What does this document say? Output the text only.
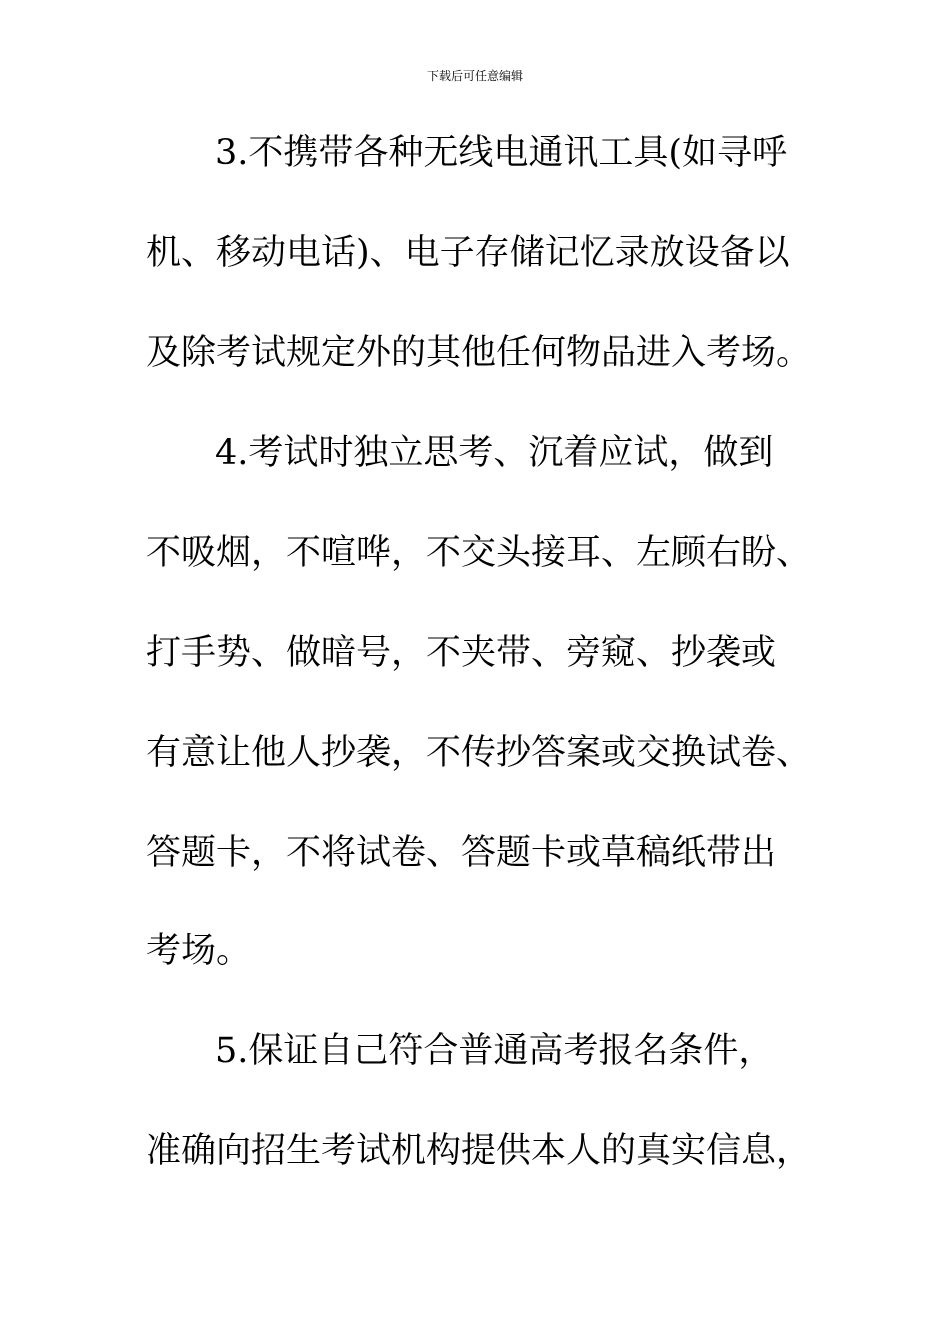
下载后可任意编辑
3.不携带各种无线电通讯工具(如寻呼
机、移动电话)、电子存储记忆录放设备以
及除考试规定外的其他任何物品进入考场。
4.考试时独立思考、沉着应试，做到
不吸烟，不喧哗，不交头接耳、左顾右盼、
打手势、做暗号，不夹带、旁窥、抄袭或
有意让他人抄袭，不传抄答案或交换试卷、
答题卡，不将试卷、答题卡或草稿纸带出
考场。
5.保证自己符合普通高考报名条件，
准确向招生考试机构提供本人的真实信息，
